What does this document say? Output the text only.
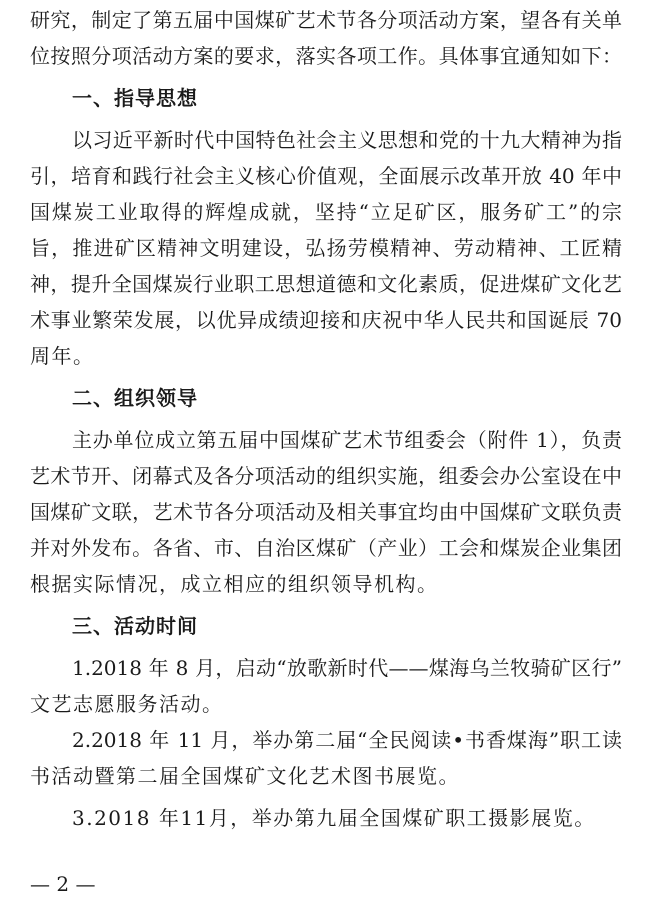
研究，制定了第五届中国煤矿艺术节各分项活动方案，望各有关单
位按照分项活动方案的要求，落实各项工作。具体事宜通知如下：
一、指导思想
以习近平新时代中国特色社会主义思想和党的十九大精神为指
引，培育和践行社会主义核心价值观，全面展示改革开放 40 年中
国煤炭工业取得的辉煌成就，坚持“立足矿区，服务矿工”的宗
旨，推进矿区精神文明建设，弘扬劳模精神、劳动精神、工匠精
神，提升全国煤炭行业职工思想道德和文化素质，促进煤矿文化艺
术事业繁荣发展，以优异成绩迎接和庆祝中华人民共和国诞辰 70
周年。
二、组织领导
主办单位成立第五届中国煤矿艺术节组委会（附件 1），负责
艺术节开、闭幕式及各分项活动的组织实施，组委会办公室设在中
国煤矿文联，艺术节各分项活动及相关事宜均由中国煤矿文联负责
并对外发布。各省、市、自治区煤矿（产业）工会和煤炭企业集团
根据实际情况，成立相应的组织领导机构。
三、活动时间
1.2018 年 8 月，启动“放歌新时代——煤海乌兰牧骑矿区行”
文艺志愿服务活动。
2.2018 年 11 月，举办第二届“全民阅读•书香煤海”职工读
书活动暨第二届全国煤矿文化艺术图书展览。
3.2018 年11月，举办第九届全国煤矿职工摄影展览。
— 2 —
